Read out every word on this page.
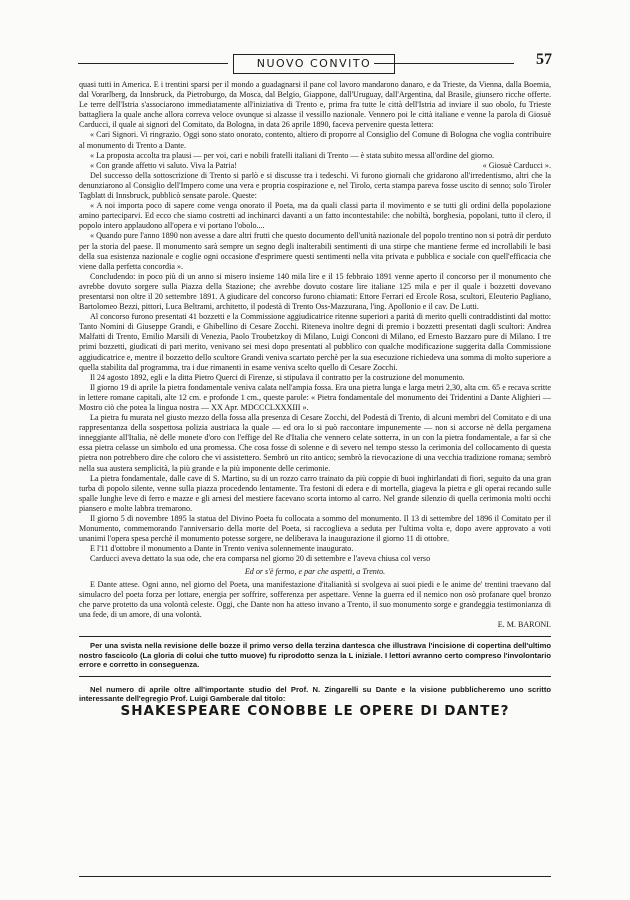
NUOVO CONVITO	57

quasi tutti in America. E i trentini sparsi per il mondo a guadagnarsi il pane col lavoro mandarono danaro, e da Trieste, da Vienna, dalla Boemia, dal Vorarlberg, da Innsbruck, da Pietroburgo, da Mosca, dal Belgio, Giappone, dall'Uruguay, dall'Argentina, dal Brasile, giunsero ricche offerte. Le terre dell'Istria s'associarono immediatamente all'iniziativa di Trento e, prima fra tutte le città dell'Istria ad inviare il suo obolo, fu Trieste battagliera la quale anche allora correva veloce ovunque si alzasse il vessillo nazionale. Vennero poi le città italiane e venne la parola di Giosuè Carducci, il quale ai signori del Comitato, da Bologna, in data 26 aprile 1890, faceva pervenire questa lettera:

« Cari Signori. Vi ringrazio. Oggi sono stato onorato, contento, altiero di proporre al Consiglio del Comune di Bologna che voglia contribuire al monumento di Trento a Dante.

« La proposta accolta tra plausi — per voi, cari e nobili fratelli italiani di Trento — è stata subito messa all'ordine del giorno.

« Con grande affetto vi saluto. Viva la Patria!	« Giosuè Carducci ».

Del successo della sottoscrizione di Trento si parlò e si discusse tra i tedeschi. Vi furono giornali che gridarono all'irredentismo, altri che la denunziarono al Consiglio dell'Impero come una vera e propria cospirazione e, nel Tirolo, certa stampa pareva fosse uscito di senno; solo Tiroler Tagblatt di Innsbruck, pubblicò sensate parole. Queste:

« A noi importa poco di sapere come venga onorato il Poeta, ma da quali classi parta il movimento e se tutti gli ordini della popolazione amino parteciparvi. Ed ecco che siamo costretti ad inchinarci davanti a un fatto incontestabile: che nobiltà, borghesia, popolani, tutto il clero, il popolo intero applaudono all'opera e vi portano l'obolo....

« Quando pure l'anno 1890 non avesse a dare altri frutti che questo documento dell'unità nazionale del popolo trentino non si potrà dir perduto per la storia del paese. Il monumento sarà sempre un segno degli inalterabili sentimenti di una stirpe che mantiene ferme ed incrollabili le basi della sua esistenza nazionale e coglie ogni occasione d'esprimere questi sentimenti nella vita privata e pubblica e sociale con quell'efficacia che viene dalla perfetta concordia ».

Concludendo: in poco più di un anno si misero insieme 140 mila lire e il 15 febbraio 1891 venne aperto il concorso per il monumento che avrebbe dovuto sorgere sulla Piazza della Stazione; che avrebbe dovuto costare lire italiane 125 mila e per il quale i bozzetti dovevano presentarsi non oltre il 20 settembre 1891. A giudicare del concorso furono chiamati: Ettore Ferrari ed Ercole Rosa, scultori, Eleuterio Pagliano, Bartolomeo Bezzi, pittori, Luca Beltrami, architetto, il podestà di Trento Oss-Mazzurana, l'ing. Apollonio e il cav. De Lutti.

Al concorso furono presentati 41 bozzetti e la Commissione aggiudicatrice ritenne superiori a parità di merito quelli contraddistinti dal motto: Tanto Nomini di Giuseppe Grandi, e Ghibellino di Cesare Zocchi. Riteneva inoltre degni di premio i bozzetti presentati dagli scultori: Andrea Malfatti di Trento, Emilio Marsili di Venezia, Paolo Troubetzkoy di Milano, Luigi Conconi di Milano, ed Ernesto Bazzaro pure di Milano. I tre primi bozzetti, giudicati di pari merito, venivano sei mesi dopo presentati al pubblico con qualche modificazione suggerita dalla Commissione aggiudicatrice e, mentre il bozzetto dello scultore Grandi veniva scartato perchè per la sua esecuzione richiedeva una somma di molto superiore a quella stabilita dal programma, tra i due rimanenti in esame veniva scelto quello di Cesare Zocchi.

Il 24 agosto 1892, egli e la ditta Pietro Querci di Firenze, si stipulava il contratto per la costruzione del monumento.

Il giorno 19 di aprile la pietra fondamentale veniva calata nell'ampia fossa. Era una pietra lunga e larga metri 2,30, alta cm. 65 e recava scritte in lettere romane capitali, alte 12 cm. e profonde 1 cm., queste parole: « Pietra fondamentale del monumento dei Tridentini a Dante Alighieri — Mostro ciò che potea la lingua nostra — XX Apr. MDCCCLXXXIII ».

La pietra fu murata nel giusto mezzo della fossa alla presenza di Cesare Zocchi, del Podestà di Trento, di alcuni membri del Comitato e di una rappresentanza della sospettosa polizia austriaca la quale — ed ora lo si può raccontare impunemente — non si accorse nè della pergamena inneggiante all'Italia, nè delle monete d'oro con l'effige del Re d'Italia che vennero celate sotterra, in un con la pietra fondamentale, a far sì che essa pietra celasse un simbolo ed una promessa. Che cosa fosse di solenne e di severo nel tempo stesso la cerimonia del collocamento di questa pietra non potrebbero dire che coloro che vi assistettero. Sembrò un rito antico; sembrò la rievocazione di una vecchia tradizione romana; sembrò nella sua austera semplicità, la più grande e la più imponente delle cerimonie.

La pietra fondamentale, dalle cave di S. Martino, su di un rozzo carro trainato da più coppie di buoi inghirlandati di fiori, seguito da una gran turba di popolo silente, venne sulla piazza procedendo lentamente. Tra festoni di edera e di mortella, giageva la pietra e gli operai recando sulle spalle lunghe leve di ferro e mazze e gli arnesi del mestiere facevano scorta intorno al carro. Nel grande silenzio di quella cerimonia molti occhi piansero e molte labbra tremarono.

Il giorno 5 di novembre 1895 la statua del Divino Poeta fu collocata a sommo del monumento. Il 13 di settembre del 1896 il Comitato per il Monumento, commemorando l'anniversario della morte del Poeta, si raccoglieva a seduta per l'ultima volta e, dopo avere approvato a voti unanimi l'opera spesa perchè il monumento potesse sorgere, ne deliberava la inaugurazione il giorno 11 di ottobre.

E l'11 d'ottobre il monumento a Dante in Trento veniva solennemente inaugurato.

Carducci aveva dettato la sua ode, che era comparsa nel giorno 20 di settembre e l'aveva chiusa col verso

Ed or s'è fermo, e par che aspetti, a Trento.

E Dante attese. Ogni anno, nel giorno del Poeta, una manifestazione d'italianità si svolgeva ai suoi piedi e le anime de' trentini traevano dal simulacro del poeta forza per lottare, energia per soffrire, sofferenza per aspettare. Venne la guerra ed il nemico non osò profanare quel bronzo che parve protetto da una volontà celeste. Oggi, che Dante non ha atteso invano a Trento, il suo monumento sorge e grandeggia testimonianza di una fede, di un amore, di una volontà.

E. M. BARONI.

Per una svista nella revisione delle bozze il primo verso della terzina dantesca che illustrava l'incisione di copertina dell'ultimo nostro fascicolo (La gloria di colui che tutto muove) fu riprodotto senza la L iniziale. I lettori avranno certo compreso l'involontario errore e corretto in conseguenza.
Nel numero di aprile oltre all'importante studio del Prof. N. Zingarelli su Dante e la visione pubblicheremo uno scritto interessante dell'egregio Prof. Luigi Gamberale dal titolo:
SHAKESPEARE CONOBBE LE OPERE DI DANTE?
